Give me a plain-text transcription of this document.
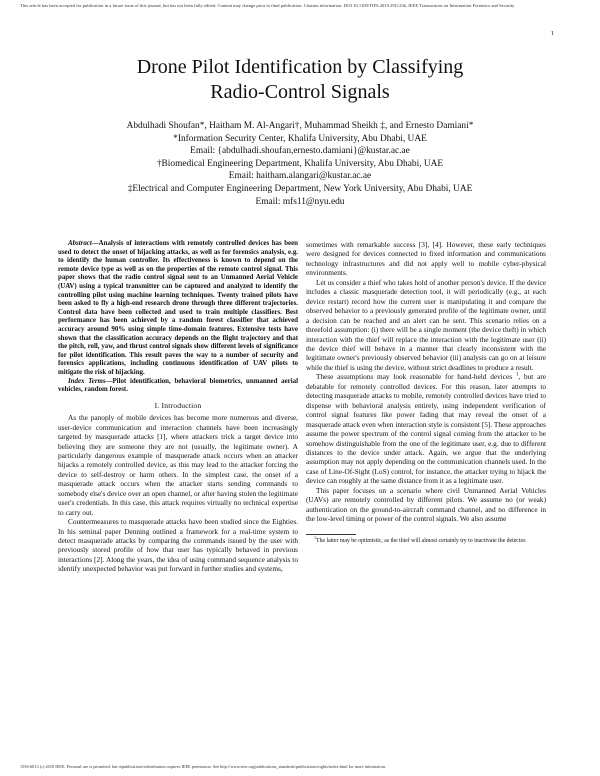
This article has been accepted for publication in a future issue of this journal, but has not been fully edited. Content may change prior to final publication. Citation information: DOI 10.1109/TIFS.2019.2911236, IEEE Transactions on Information Forensics and Security
1
Drone Pilot Identification by Classifying
Radio-Control Signals
Abdulhadi Shoufan*, Haitham M. Al-Angari†, Muhammad Sheikh ‡, and Ernesto Damiani*
*Information Security Center, Khalifa University, Abu Dhabi, UAE
Email: {abdulhadi.shoufan,ernesto.damiani}@kustar.ac.ae
†Biomedical Engineering Department, Khalifa University, Abu Dhabi, UAE
Email: haitham.alangari@kustar.ac.ae
‡Electrical and Computer Engineering Department, New York University, Abu Dhabi, UAE
Email: mfs11@nyu.edu

Abstract—Analysis of interactions with remotely controlled devices has been used to detect the onset of hijacking attacks, as well as for forensics analysis, e.g. to identify the human controller. Its effectiveness is known to depend on the remote device type as well as on the properties of the remote control signal. This paper shows that the radio control signal sent to an Unmanned Aerial Vehicle (UAV) using a typical transmitter can be captured and analyzed to identify the controlling pilot using machine learning techniques. Twenty trained pilots have been asked to fly a high-end research drone through three different trajectories. Control data have been collected and used to train multiple classifiers. Best performance has been achieved by a random forest classifier that achieved accuracy around 90% using simple time-domain features. Extensive tests have shown that the classification accuracy depends on the flight trajectory and that the pitch, roll, yaw, and thrust control signals show different levels of significance for pilot identification. This result paves the way to a number of security and forensics applications, including continuous identification of UAV pilots to mitigate the risk of hijacking.

Index Terms—Pilot identification, behavioral biometrics, unmanned aerial vehicles, random forest.

I. Introduction

As the panoply of mobile devices has become more numerous and diverse, user-device communication and interaction channels have been increasingly targeted by masquerade attacks [1], where attackers trick a target device into believing they are someone they are not (usually, the legitimate owner). A particularly dangerous example of masquerade attack occurs when an attacker hijacks a remotely controlled device, as this may lead to the attacker forcing the device to self-destroy or harm others. In the simplest case, the onset of a masquerade attack occurs when the attacker starts sending commands to somebody else's device over an open channel, or after having stolen the legitimate user's credentials. In this case, this attack requires virtually no technical expertise to carry out.

Countermeasures to masquerade attacks have been studied since the Eighties. In his seminal paper Denning outlined a framework for a real-time system to detect masquerade attacks by comparing the commands issued by the user with previously stored profile of how that user has typically behaved in previous interactions [2]. Along the years, the idea of using command sequence analysis to identify unexpected behavior was put forward in further studies and systems,

sometimes with remarkable success [3], [4]. However, these early techniques were designed for devices connected to fixed information and communications technology infrastructures and did not apply well to mobile cyber-physical environments.

Let us consider a thief who takes hold of another person's device. If the device includes a classic masquerade detection tool, it will periodically (e.g., at each device restart) record how the current user is manipulating it and compare the observed behavior to a previously generated profile of the legitimate owner, until a decision can be reached and an alert can be sent. This scenario relies on a threefold assumption: (i) there will be a single moment (the device theft) in which interaction with the thief will replace the interaction with the legitimate user (ii) the device thief will behave in a manner that clearly inconsistent with the legitimate owner's previously observed behavior (iii) analysis can go on at leisure while the thief is using the device, without strict deadlines to produce a result.

These assumptions may look reasonable for hand-held devices $^1$, but are debatable for remotely controlled devices. For this reason, later attempts to detecting masquerade attacks to mobile, remotely controlled devices have tried to dispense with behavioral analysis entirely, using independent verification of control signal features like power fading that may reveal the onset of a masquerade attack even when interaction style is consistent [5]. These approaches assume the power spectrum of the control signal coming from the attacker to be somehow distinguishable from the one of the legitimate user, e.g. due to different distances to the device under attack. Again, we argue that the underlying assumption may not apply depending on the communication channels used. In the case of Line-Of-Sight (LoS) control, for instance, the attacker trying to hijack the device can roughly at the same distance from it as a legitimate user.

This paper focuses on a scenario where civil Unmanned Aerial Vehicles (UAVs) are remotely controlled by different pilots. We assume no (or weak) authentication on the ground-to-aircraft command channel, and no difference in the low-level timing or power of the control signals. We also assume

$^1$The latter may be optimistic, as the thief will almost certainly try to inactivate the detector.

1556-6013 (c) 2018 IEEE. Personal use is permitted, but republication/redistribution requires IEEE permission. See http://www.ieee.org/publications_standards/publications/rights/index.html for more information.
